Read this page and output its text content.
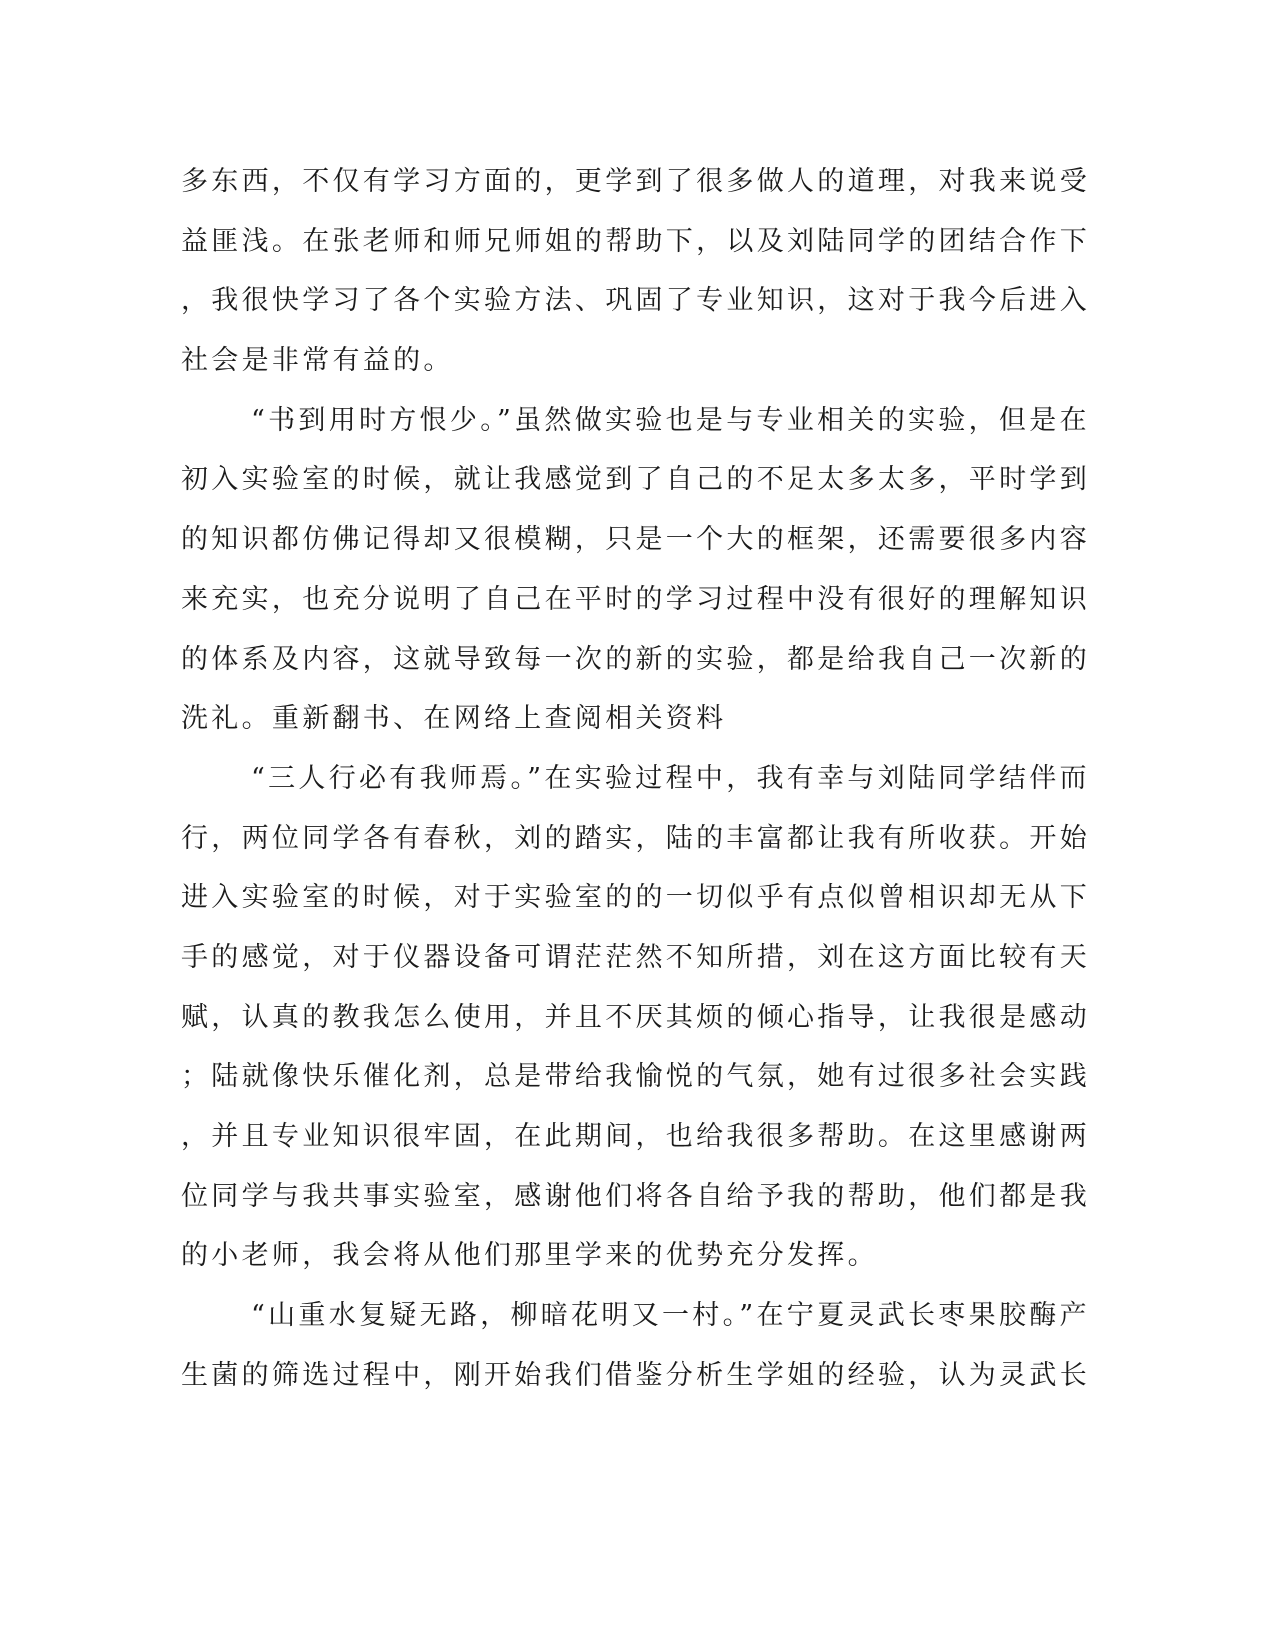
多东西，不仅有学习方面的，更学到了很多做人的道理，对我来说受
益匪浅。在张老师和师兄师姐的帮助下，以及刘陆同学的团结合作下
，我很快学习了各个实验方法、巩固了专业知识，这对于我今后进入
社会是非常有益的。
“书到用时方恨少。”虽然做实验也是与专业相关的实验，但是在
初入实验室的时候，就让我感觉到了自己的不足太多太多，平时学到
的知识都仿佛记得却又很模糊，只是一个大的框架，还需要很多内容
来充实，也充分说明了自己在平时的学习过程中没有很好的理解知识
的体系及内容，这就导致每一次的新的实验，都是给我自己一次新的
洗礼。重新翻书、在网络上查阅相关资料
“三人行必有我师焉。”在实验过程中，我有幸与刘陆同学结伴而
行，两位同学各有春秋，刘的踏实，陆的丰富都让我有所收获。开始
进入实验室的时候，对于实验室的的一切似乎有点似曾相识却无从下
手的感觉，对于仪器设备可谓茫茫然不知所措，刘在这方面比较有天
赋，认真的教我怎么使用，并且不厌其烦的倾心指导，让我很是感动
；陆就像快乐催化剂，总是带给我愉悦的气氛，她有过很多社会实践
，并且专业知识很牢固，在此期间，也给我很多帮助。在这里感谢两
位同学与我共事实验室，感谢他们将各自给予我的帮助，他们都是我
的小老师，我会将从他们那里学来的优势充分发挥。
“山重水复疑无路，柳暗花明又一村。”在宁夏灵武长枣果胶酶产
生菌的筛选过程中，刚开始我们借鉴分析生学姐的经验，认为灵武长
